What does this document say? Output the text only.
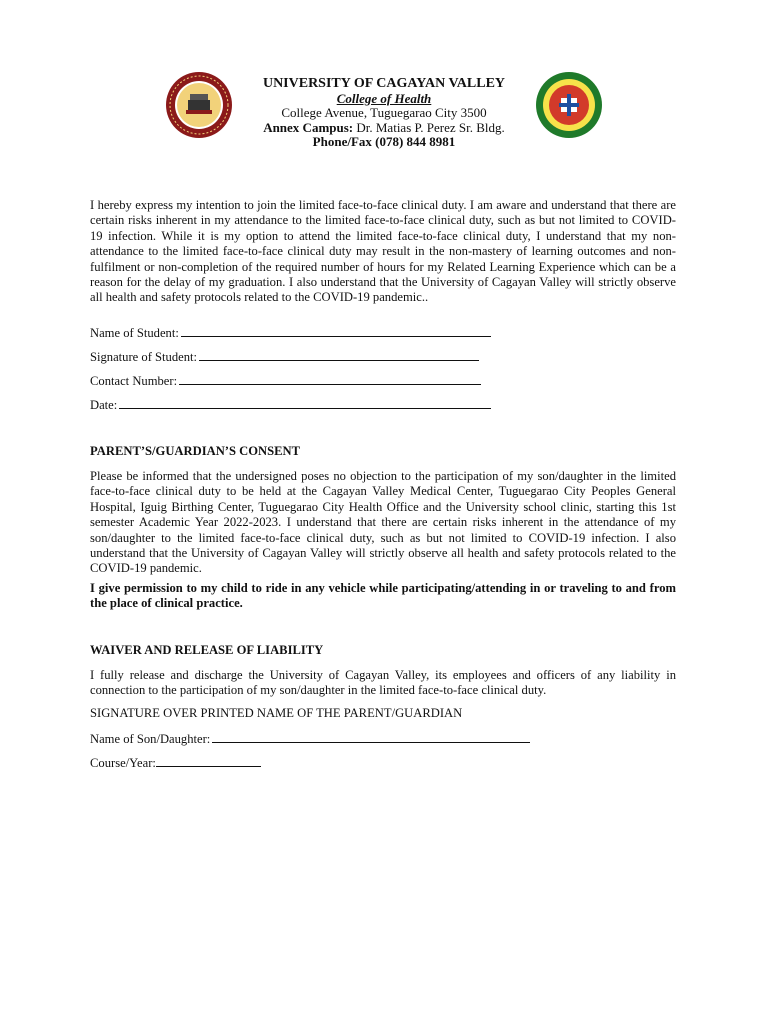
UNIVERSITY OF CAGAYAN VALLEY
College of Health
College Avenue, Tuguegarao City 3500
Annex Campus: Dr. Matias P. Perez Sr. Bldg.
Phone/Fax (078) 844 8981
I hereby express my intention to join the limited face-to-face clinical duty. I am aware and understand that there are certain risks inherent in my attendance to the limited face-to-face clinical duty, such as but not limited to COVID-19 infection. While it is my option to attend the limited face-to-face clinical duty, I understand that my non-attendance to the limited face-to-face clinical duty may result in the non-mastery of learning outcomes and non-fulfilment or non-completion of the required number of hours for my Related Learning Experience which can be a reason for the delay of my graduation. I also understand that the University of Cagayan Valley will strictly observe all health and safety protocols related to the COVID-19 pandemic..
Name of Student:
Signature of Student:
Contact Number:
Date:
PARENT’S/GUARDIAN’S CONSENT
Please be informed that the undersigned poses no objection to the participation of my son/daughter in the limited face-to-face clinical duty to be held at the Cagayan Valley Medical Center, Tuguegarao City Peoples General Hospital, Iguig Birthing Center, Tuguegarao City Health Office and the University school clinic, starting this 1st semester Academic Year 2022-2023. I understand that there are certain risks inherent in the attendance of my son/daughter to the limited face-to-face clinical duty, such as but not limited to COVID-19 infection. I also understand that the University of Cagayan Valley will strictly observe all health and safety protocols related to the COVID-19 pandemic.
I give permission to my child to ride in any vehicle while participating/attending in or traveling to and from the place of clinical practice.
WAIVER AND RELEASE OF LIABILITY
I fully release and discharge the University of Cagayan Valley, its employees and officers of any liability in connection to the participation of my son/daughter in the limited face-to-face clinical duty.
SIGNATURE OVER PRINTED NAME OF THE PARENT/GUARDIAN
Name of Son/Daughter:
Course/Year:
